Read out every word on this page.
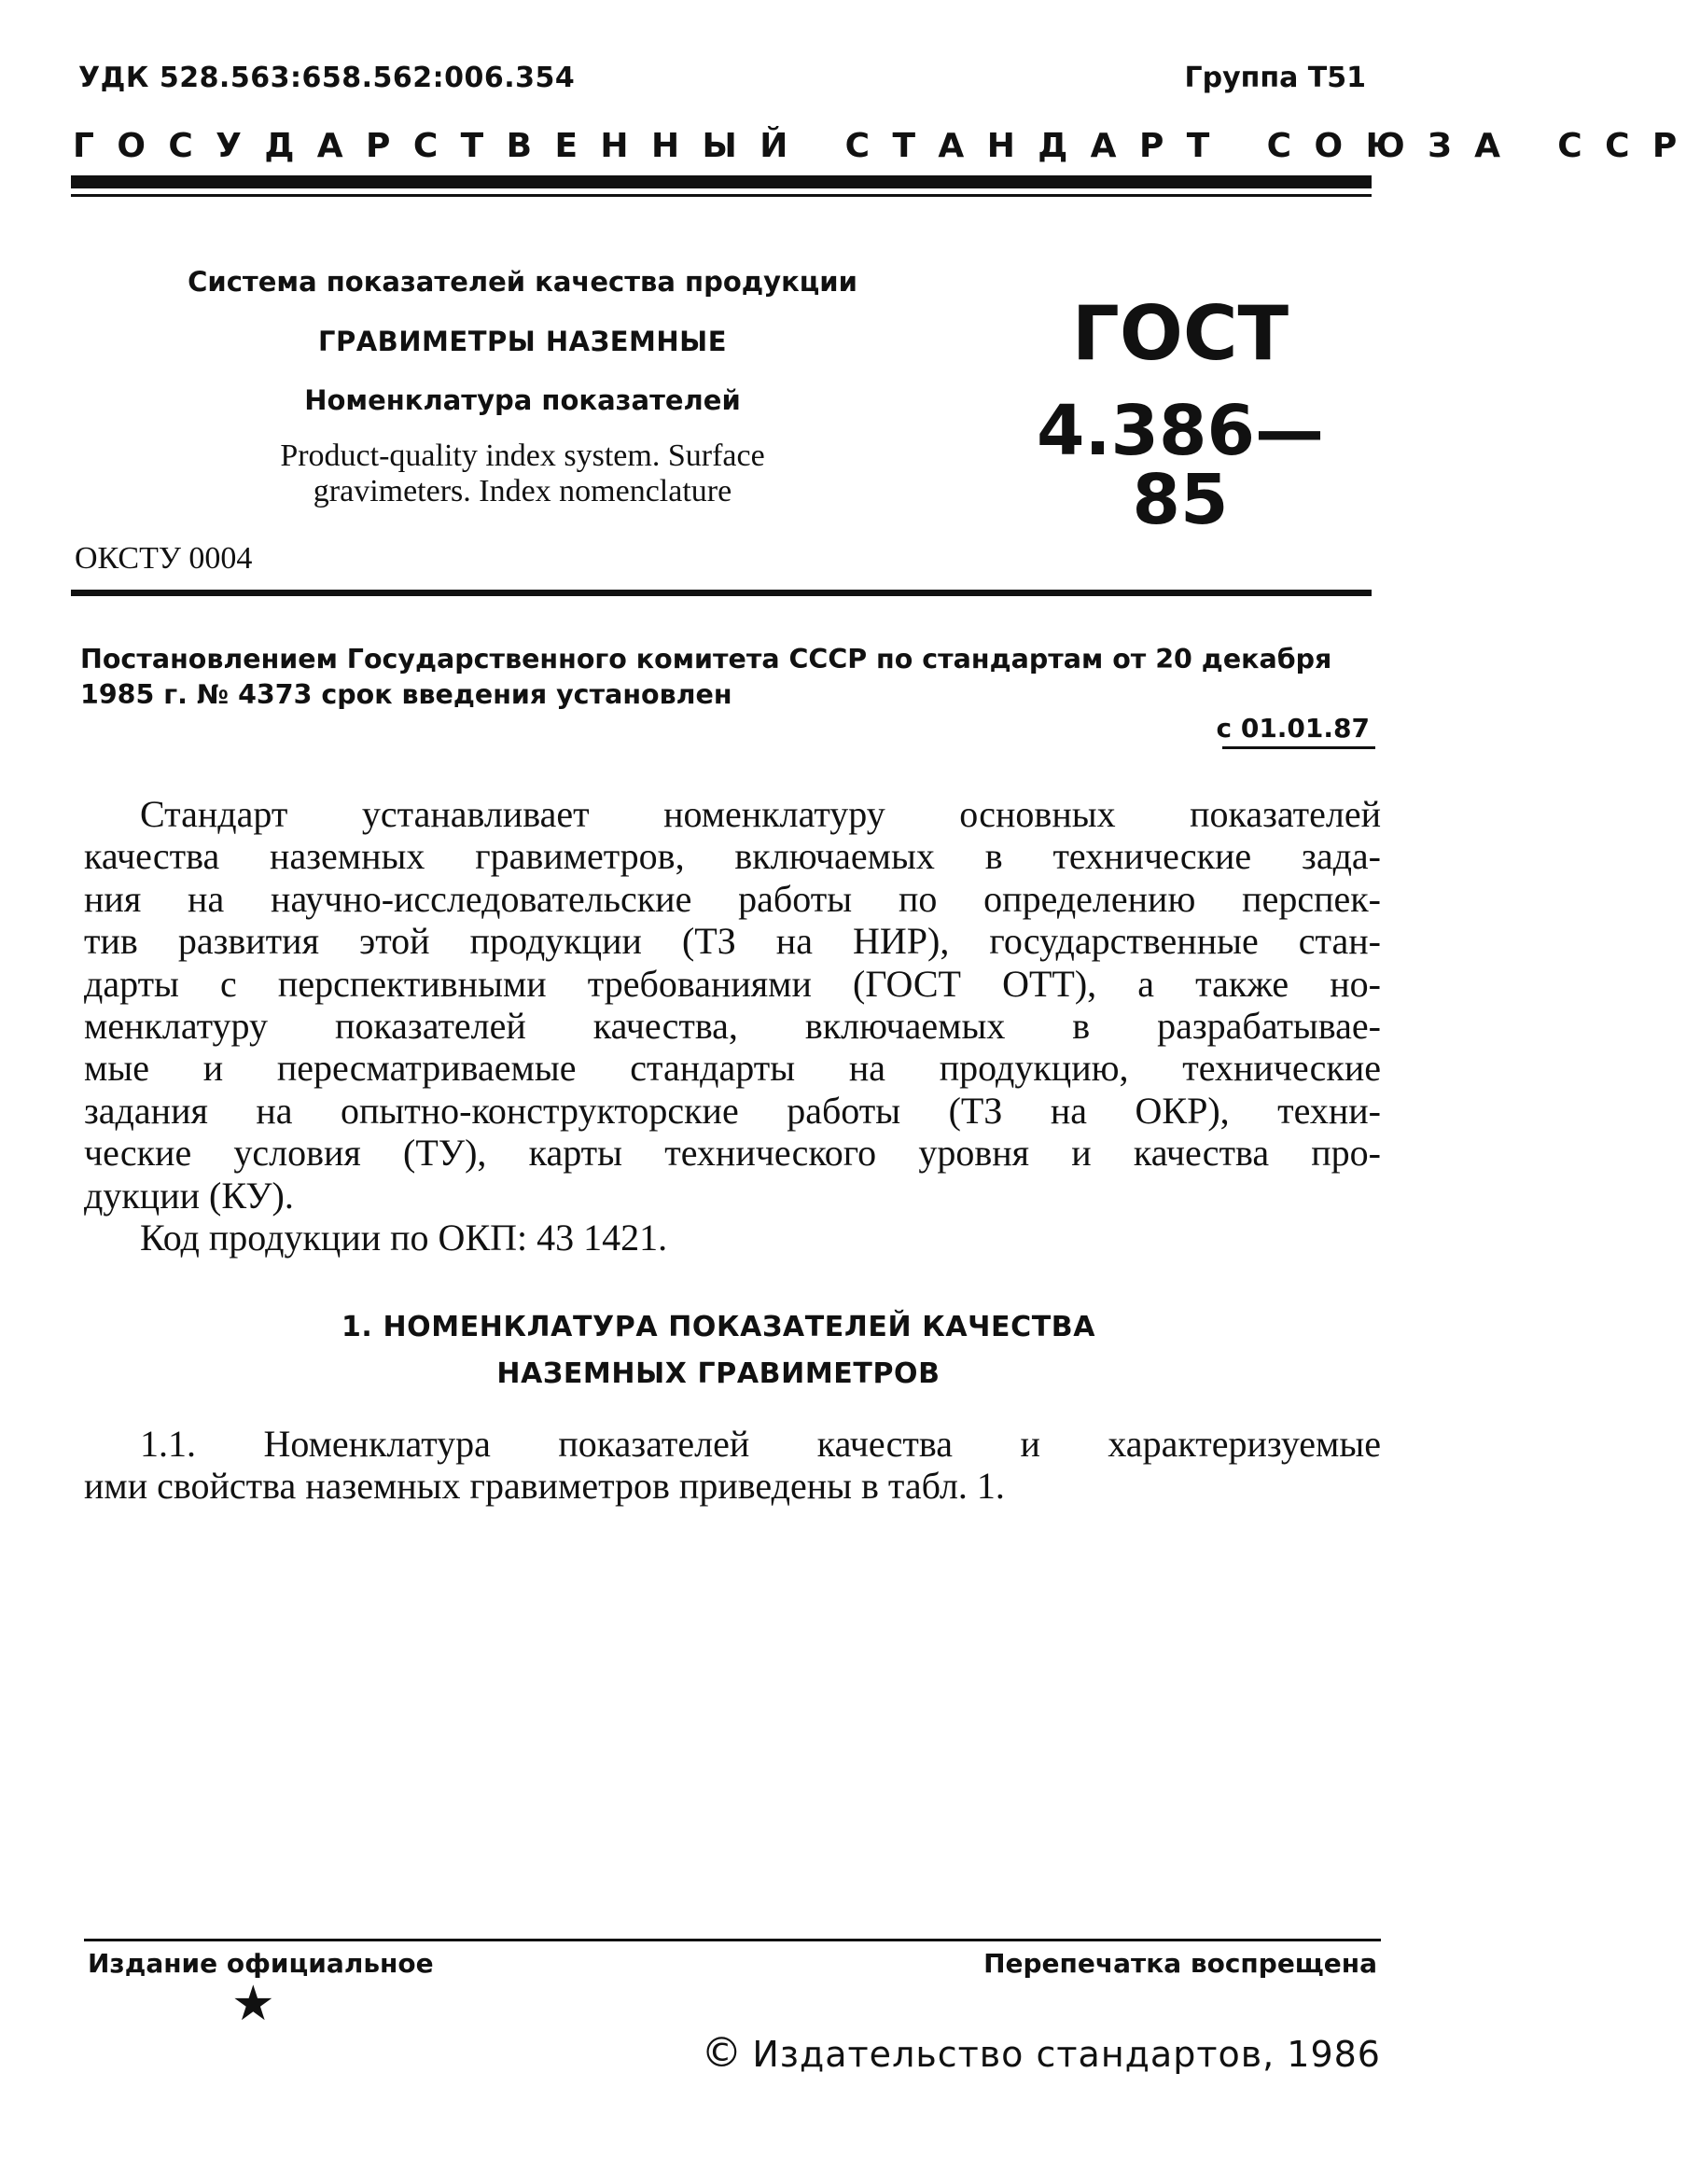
УДК 528.563:658.562:006.354	Группа Т51
ГОСУДАРСТВЕННЫЙ СТАНДАРТ СОЮЗА ССР
Система показателей качества продукции
ГРАВИМЕТРЫ НАЗЕМНЫЕ
Номенклатура показателей
Product-quality index system. Surface
gravimeters. Index nomenclature
ГОСТ
4.386—85
ОКСТУ 0004
Постановлением Государственного комитета СССР по стандартам от 20 декабря
1985 г. № 4373 срок введения установлен
с 01.01.87
Стандарт устанавливает номенклатуру основных показателей
качества наземных гравиметров, включаемых в технические зада-
ния на научно-исследовательские работы по определению перспек-
тив развития этой продукции (ТЗ на НИР), государственные стан-
дарты с перспективными требованиями (ГОСТ ОТТ), а также но-
менклатуру показателей качества, включаемых в разрабатывае-
мые и пересматриваемые стандарты на продукцию, технические
задания на опытно-конструкторские работы (ТЗ на ОКР), техни-
ческие условия (ТУ), карты технического уровня и качества про-
дукции (КУ).
Код продукции по ОКП: 43 1421.
1. НОМЕНКЛАТУРА ПОКАЗАТЕЛЕЙ КАЧЕСТВА
НАЗЕМНЫХ ГРАВИМЕТРОВ
1.1. Номенклатура показателей качества и характеризуемые
ими свойства наземных гравиметров приведены в табл. 1.
Издание официальное	Перепечатка воспрещена
★
© Издательство стандартов, 1986
